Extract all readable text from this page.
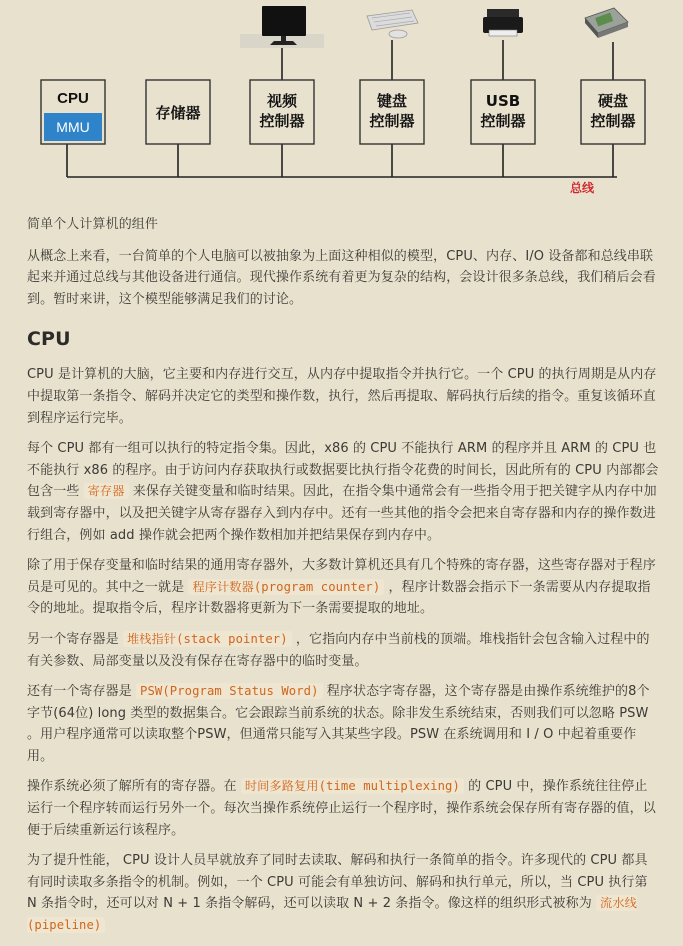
MMU
CPU
存储器
视频控制器
键盘控制器
USB 控制器
硬盘控制器
总线

简单个人计算机的组件

从概念上来看，一台简单的个人电脑可以被抽象为上面这种相似的模型，CPU、内存、I/O 设备都和总线串联起来并通过总线与其他设备进行通信。现代操作系统有着更为复杂的结构，会设计很多条总线，我们稍后会看到。暂时来讲，这个模型能够满足我们的讨论。

CPU

CPU 是计算机的大脑，它主要和内存进行交互，从内存中提取指令并执行它。一个 CPU 的执行周期是从内存中提取第一条指令、解码并决定它的类型和操作数，执行，然后再提取、解码执行后续的指令。重复该循环直到程序运行完毕。

每个 CPU 都有一组可以执行的特定指令集。因此，x86 的 CPU 不能执行 ARM 的程序并且 ARM 的 CPU 也不能执行 x86 的程序。由于访问内存获取执行或数据要比执行指令花费的时间长，因此所有的 CPU 内部都会包含一些 寄存器 来保存关键变量和临时结果。因此，在指令集中通常会有一些指令用于把关键字从内存中加载到寄存器中，以及把关键字从寄存器存入到内存中。还有一些其他的指令会把来自寄存器和内存的操作数进行组合，例如 add 操作就会把两个操作数相加并把结果保存到内存中。

除了用于保存变量和临时结果的通用寄存器外，大多数计算机还具有几个特殊的寄存器，这些寄存器对于程序员是可见的。其中之一就是 程序计数器(program counter) ，程序计数器会指示下一条需要从内存提取指令的地址。提取指令后，程序计数器将更新为下一条需要提取的地址。

另一个寄存器是 堆栈指针(stack pointer) ，它指向内存中当前栈的顶端。堆栈指针会包含输入过程中的有关参数、局部变量以及没有保存在寄存器中的临时变量。

还有一个寄存器是 PSW(Program Status Word) 程序状态字寄存器，这个寄存器是由操作系统维护的8个字节(64位) long 类型的数据集合。它会跟踪当前系统的状态。除非发生系统结束，否则我们可以忽略 PSW 。用户程序通常可以读取整个PSW，但通常只能写入其某些字段。PSW 在系统调用和 I / O 中起着重要作用。

操作系统必须了解所有的寄存器。在 时间多路复用(time multiplexing) 的 CPU 中，操作系统往往停止运行一个程序转而运行另外一个。每次当操作系统停止运行一个程序时，操作系统会保存所有寄存器的值，以便于后续重新运行该程序。

为了提升性能， CPU 设计人员早就放弃了同时去读取、解码和执行一条简单的指令。许多现代的 CPU 都具有同时读取多条指令的机制。例如，一个 CPU 可能会有单独访问、解码和执行单元，所以，当 CPU 执行第 N 条指令时，还可以对 N + 1 条指令解码，还可以读取 N + 2 条指令。像这样的组织形式被称为 流水线(pipeline)
